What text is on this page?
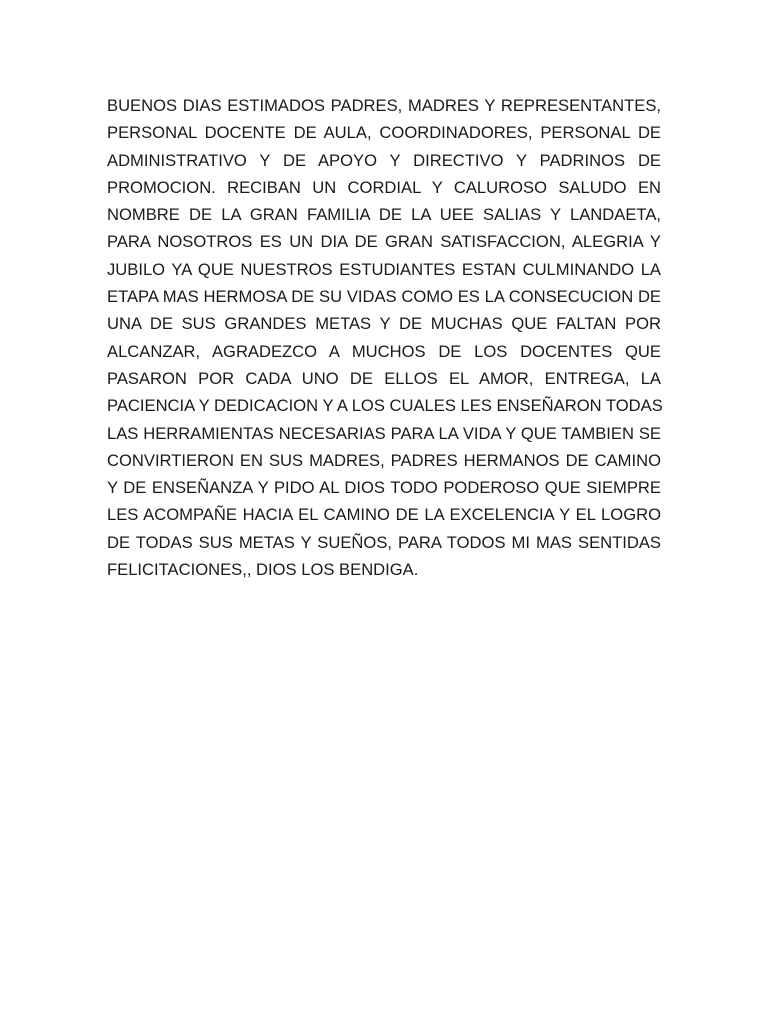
BUENOS DIAS ESTIMADOS PADRES, MADRES Y REPRESENTANTES,
PERSONAL DOCENTE DE AULA, COORDINADORES, PERSONAL DE
ADMINISTRATIVO Y DE APOYO Y DIRECTIVO Y PADRINOS DE
PROMOCION. RECIBAN UN CORDIAL Y CALUROSO SALUDO EN
NOMBRE DE LA GRAN FAMILIA DE LA UEE SALIAS Y LANDAETA,
PARA NOSOTROS ES UN DIA DE GRAN SATISFACCION, ALEGRIA Y
JUBILO YA QUE NUESTROS ESTUDIANTES ESTAN CULMINANDO LA
ETAPA MAS HERMOSA DE SU VIDAS COMO ES LA CONSECUCION DE
UNA DE SUS GRANDES METAS Y DE MUCHAS QUE FALTAN POR
ALCANZAR, AGRADEZCO A MUCHOS DE LOS DOCENTES QUE
PASARON POR CADA UNO DE ELLOS EL AMOR, ENTREGA, LA
PACIENCIA Y DEDICACION Y A LOS CUALES LES ENSEÑARON TODAS
LAS HERRAMIENTAS NECESARIAS PARA LA VIDA Y QUE TAMBIEN SE
CONVIRTIERON EN SUS MADRES, PADRES HERMANOS DE CAMINO
Y DE ENSEÑANZA Y PIDO AL DIOS TODO PODEROSO QUE SIEMPRE
LES ACOMPAÑE HACIA EL CAMINO DE LA EXCELENCIA Y EL LOGRO
DE TODAS SUS METAS Y SUEÑOS, PARA TODOS MI MAS SENTIDAS
FELICITACIONES,, DIOS LOS BENDIGA.
